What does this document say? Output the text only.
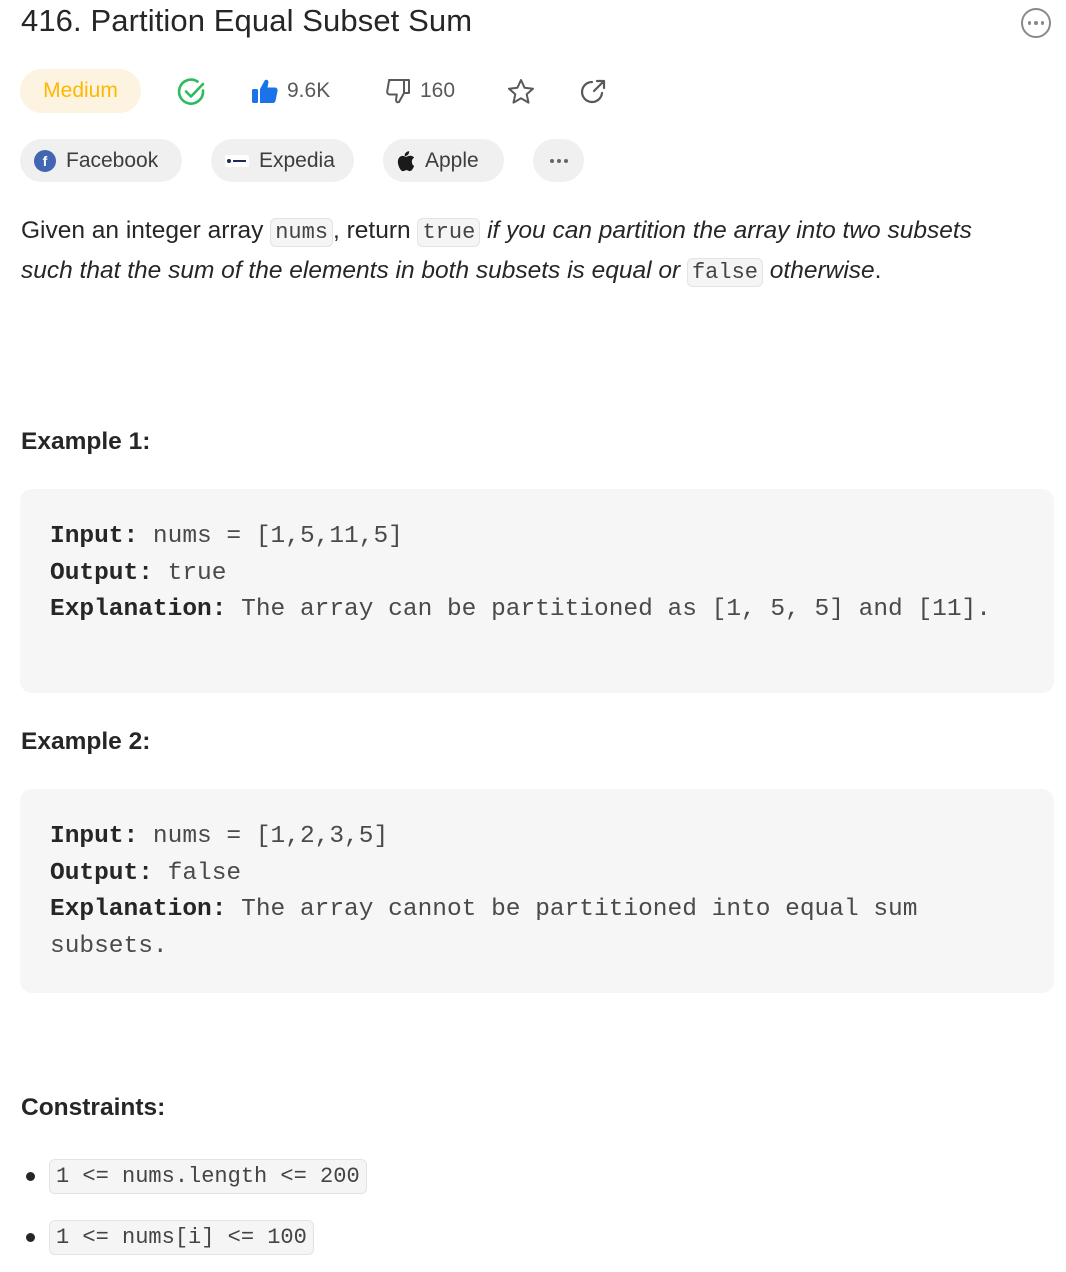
416. Partition Equal Subset Sum
Medium	9.6K	160
f Facebook	Expedia	Apple
Given an integer array nums , return true if you can partition the array into two subsets such that the sum of the elements in both subsets is equal or false otherwise.
Example 1:
Input: nums = [1,5,11,5]
Output: true
Explanation: The array can be partitioned as [1, 5, 5] and [11].
Example 2:
Input: nums = [1,2,3,5]
Output: false
Explanation: The array cannot be partitioned into equal sum subsets.
Constraints:
1 <= nums.length <= 200
1 <= nums[i] <= 100
